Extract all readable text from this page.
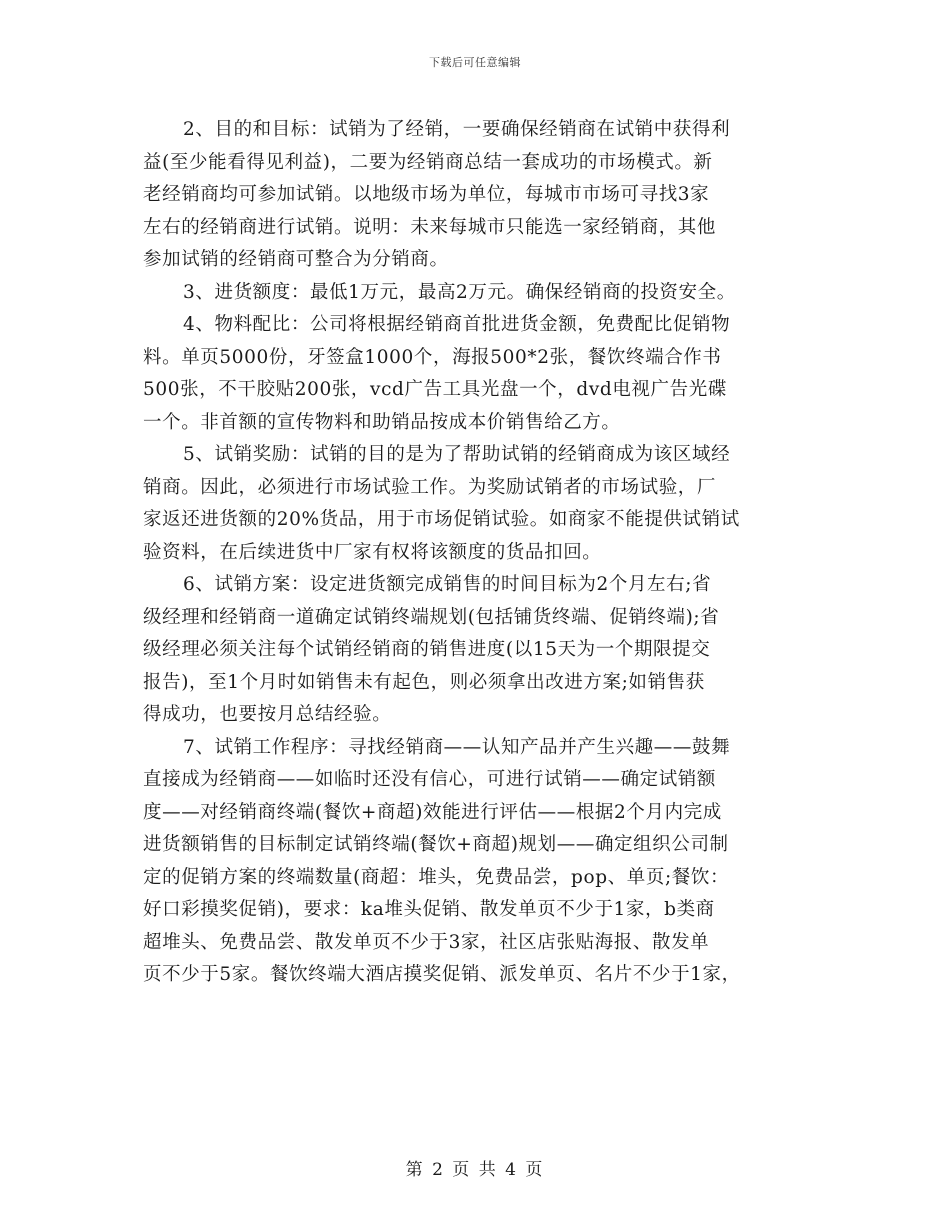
下载后可任意编辑

2、目的和目标：试销为了经销，一要确保经销商在试销中获得利
益(至少能看得见利益)，二要为经销商总结一套成功的市场模式。新
老经销商均可参加试销。以地级市场为单位，每城市市场可寻找3家
左右的经销商进行试销。说明：未来每城市只能选一家经销商，其他
参加试销的经销商可整合为分销商。

3、进货额度：最低1万元，最高2万元。确保经销商的投资安全。

4、物料配比：公司将根据经销商首批进货金额，免费配比促销物
料。单页5000份，牙签盒1000个，海报500*2张，餐饮终端合作书
500张，不干胶贴200张，vcd广告工具光盘一个，dvd电视广告光碟
一个。非首额的宣传物料和助销品按成本价销售给乙方。

5、试销奖励：试销的目的是为了帮助试销的经销商成为该区域经
销商。因此，必须进行市场试验工作。为奖励试销者的市场试验，厂
家返还进货额的20%货品，用于市场促销试验。如商家不能提供试销试
验资料，在后续进货中厂家有权将该额度的货品扣回。

6、试销方案：设定进货额完成销售的时间目标为2个月左右;省
级经理和经销商一道确定试销终端规划(包括铺货终端、促销终端);省
级经理必须关注每个试销经销商的销售进度(以15天为一个期限提交
报告)，至1个月时如销售未有起色，则必须拿出改进方案;如销售获
得成功，也要按月总结经验。

7、试销工作程序：寻找经销商——认知产品并产生兴趣——鼓舞
直接成为经销商——如临时还没有信心，可进行试销——确定试销额
度——对经销商终端(餐饮+商超)效能进行评估——根据2个月内完成
进货额销售的目标制定试销终端(餐饮+商超)规划——确定组织公司制
定的促销方案的终端数量(商超：堆头，免费品尝，pop、单页;餐饮：
好口彩摸奖促销)，要求：ka堆头促销、散发单页不少于1家，b类商
超堆头、免费品尝、散发单页不少于3家，社区店张贴海报、散发单
页不少于5家。餐饮终端大酒店摸奖促销、派发单页、名片不少于1家，

第 2 页 共 4 页
